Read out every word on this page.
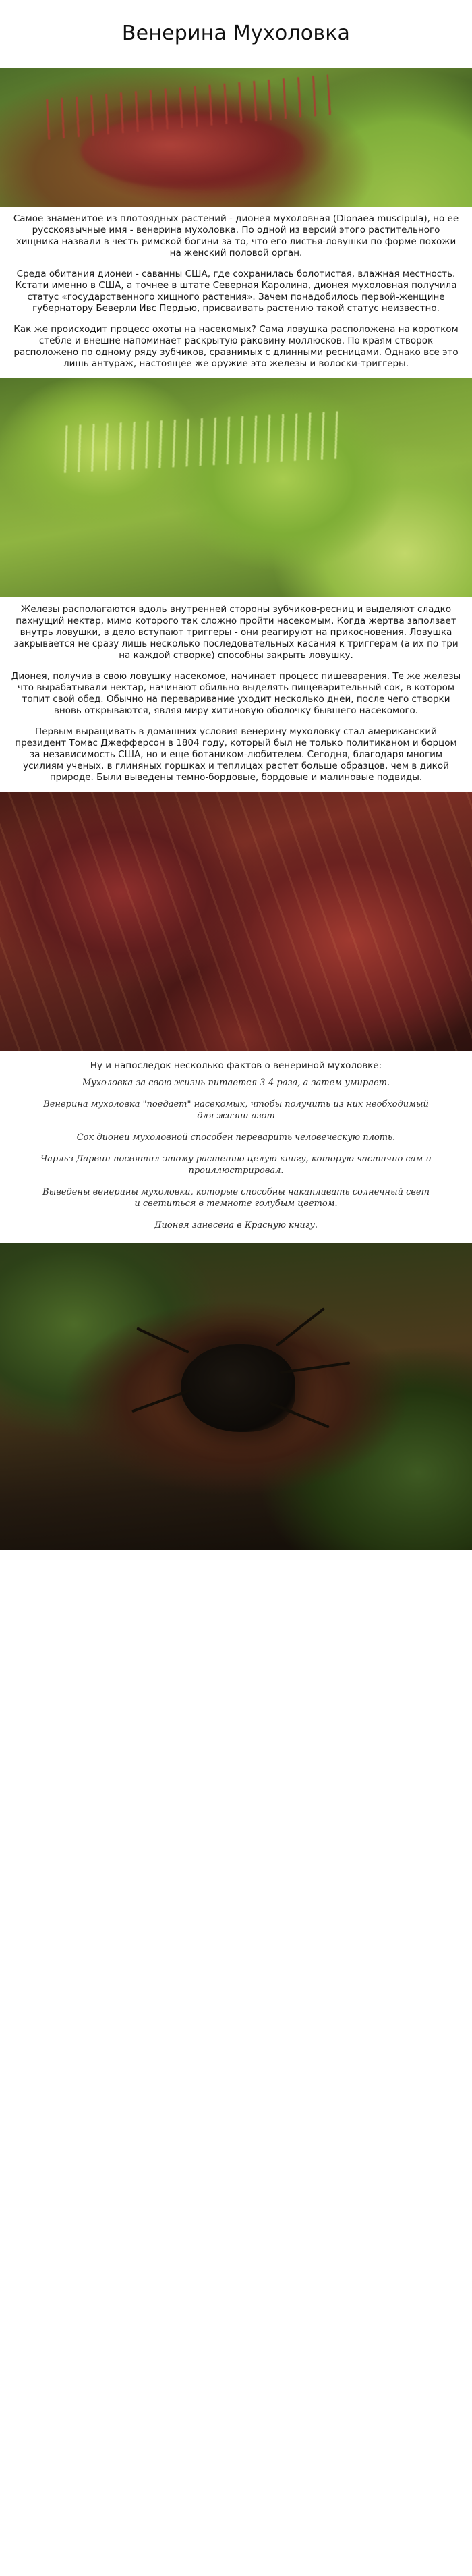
Венерина Мухоловка

Самое знаменитое из плотоядных растений - дионея мухоловная (Dionaea muscipula), но ее русскоязычные имя - венерина мухоловка. По одной из версий этого растительного хищника назвали в честь римской богини за то, что его листья-ловушки по форме похожи на женский половой орган.

Среда обитания дионеи - саванны США, где сохранилась болотистая, влажная местность. Кстати именно в США, а точнее в штате Северная Каролина, дионея мухоловная получила статус «государственного хищного растения». Зачем понадобилось первой-женщине губернатору Беверли Ивс Пердью, присваивать растению такой статус неизвестно.

Как же происходит процесс охоты на насекомых? Сама ловушка расположена на коротком стебле и внешне напоминает раскрытую раковину моллюсков. По краям створок расположено по одному ряду зубчиков, сравнимых с длинными ресницами. Однако все это лишь антураж, настоящее же оружие это железы и волоски-триггеры.

Железы располагаются вдоль внутренней стороны зубчиков-ресниц и выделяют сладко пахнущий нектар, мимо которого так сложно пройти насекомым. Когда жертва заползает внутрь ловушки, в дело вступают триггеры - они реагируют на прикосновения. Ловушка закрывается не сразу лишь несколько последовательных касания к триггерам (а их по три на каждой створке) способны закрыть ловушку.

Дионея, получив в свою ловушку насекомое, начинает процесс пищеварения. Те же железы что вырабатывали нектар, начинают обильно выделять пищеварительный сок, в котором топит свой обед. Обычно на переваривание уходит несколько дней, после чего створки вновь открываются, являя миру хитиновую оболочку бывшего насекомого.

Первым выращивать в домашних условия венерину мухоловку стал американский президент Томас Джефферсон в 1804 году, который был не только политиканом и борцом за независимость США, но и еще ботаником-любителем. Сегодня, благодаря многим усилиям ученых, в глиняных горшках и теплицах растет больше образцов, чем в дикой природе. Были выведены темно-бордовые, бордовые и малиновые подвиды.

Ну и напоследок несколько фактов о венериной мухоловке:

Мухоловка за свою жизнь питается 3-4 раза, а затем умирает.

Венерина мухоловка "поедает" насекомых, чтобы получить из них необходимый для жизни азот

Сок дионеи мухоловной способен переварить человеческую плоть.

Чарльз Дарвин посвятил этому растению целую книгу, которую частично сам и проиллюстрировал.

Выведены венерины мухоловки, которые способны накапливать солнечный свет и светиться в темноте голубым цветом.

Дионея занесена в Красную книгу.
